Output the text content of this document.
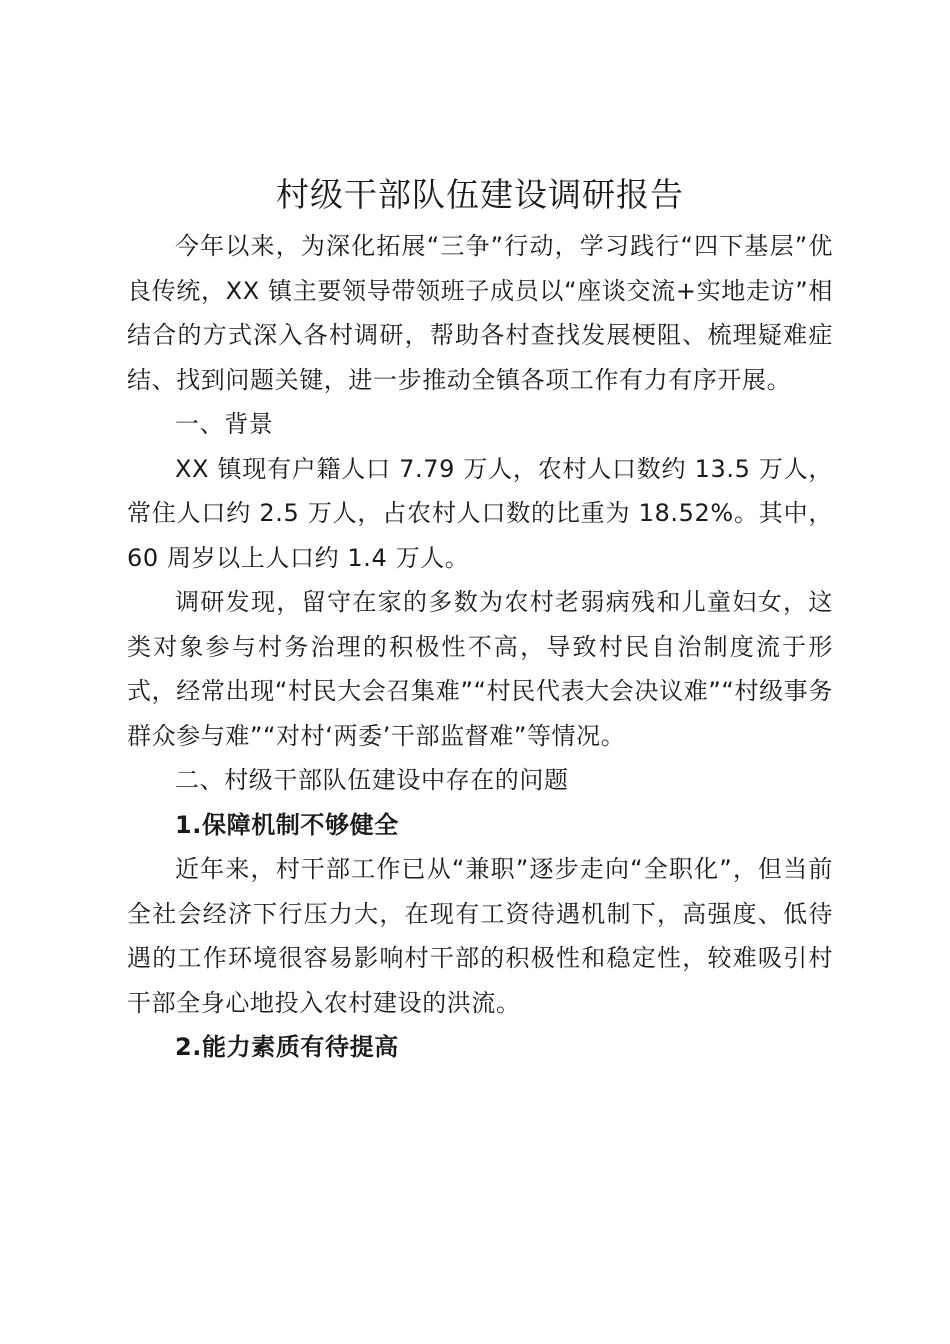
村级干部队伍建设调研报告

今年以来，为深化拓展“三争”行动，学习践行“四下基层”优良传统，XX 镇主要领导带领班子成员以“座谈交流+实地走访”相结合的方式深入各村调研，帮助各村查找发展梗阻、梳理疑难症结、找到问题关键，进一步推动全镇各项工作有力有序开展。

一、背景

XX 镇现有户籍人口 7.79 万人，农村人口数约 13.5 万人，常住人口约 2.5 万人，占农村人口数的比重为 18.52%。其中，60 周岁以上人口约 1.4 万人。

调研发现，留守在家的多数为农村老弱病残和儿童妇女，这类对象参与村务治理的积极性不高，导致村民自治制度流于形式，经常出现“村民大会召集难”“村民代表大会决议难”“村级事务群众参与难”“对村‘两委’干部监督难”等情况。

二、村级干部队伍建设中存在的问题

1.保障机制不够健全

近年来，村干部工作已从“兼职”逐步走向“全职化”，但当前全社会经济下行压力大，在现有工资待遇机制下，高强度、低待遇的工作环境很容易影响村干部的积极性和稳定性，较难吸引村干部全身心地投入农村建设的洪流。

2.能力素质有待提高
